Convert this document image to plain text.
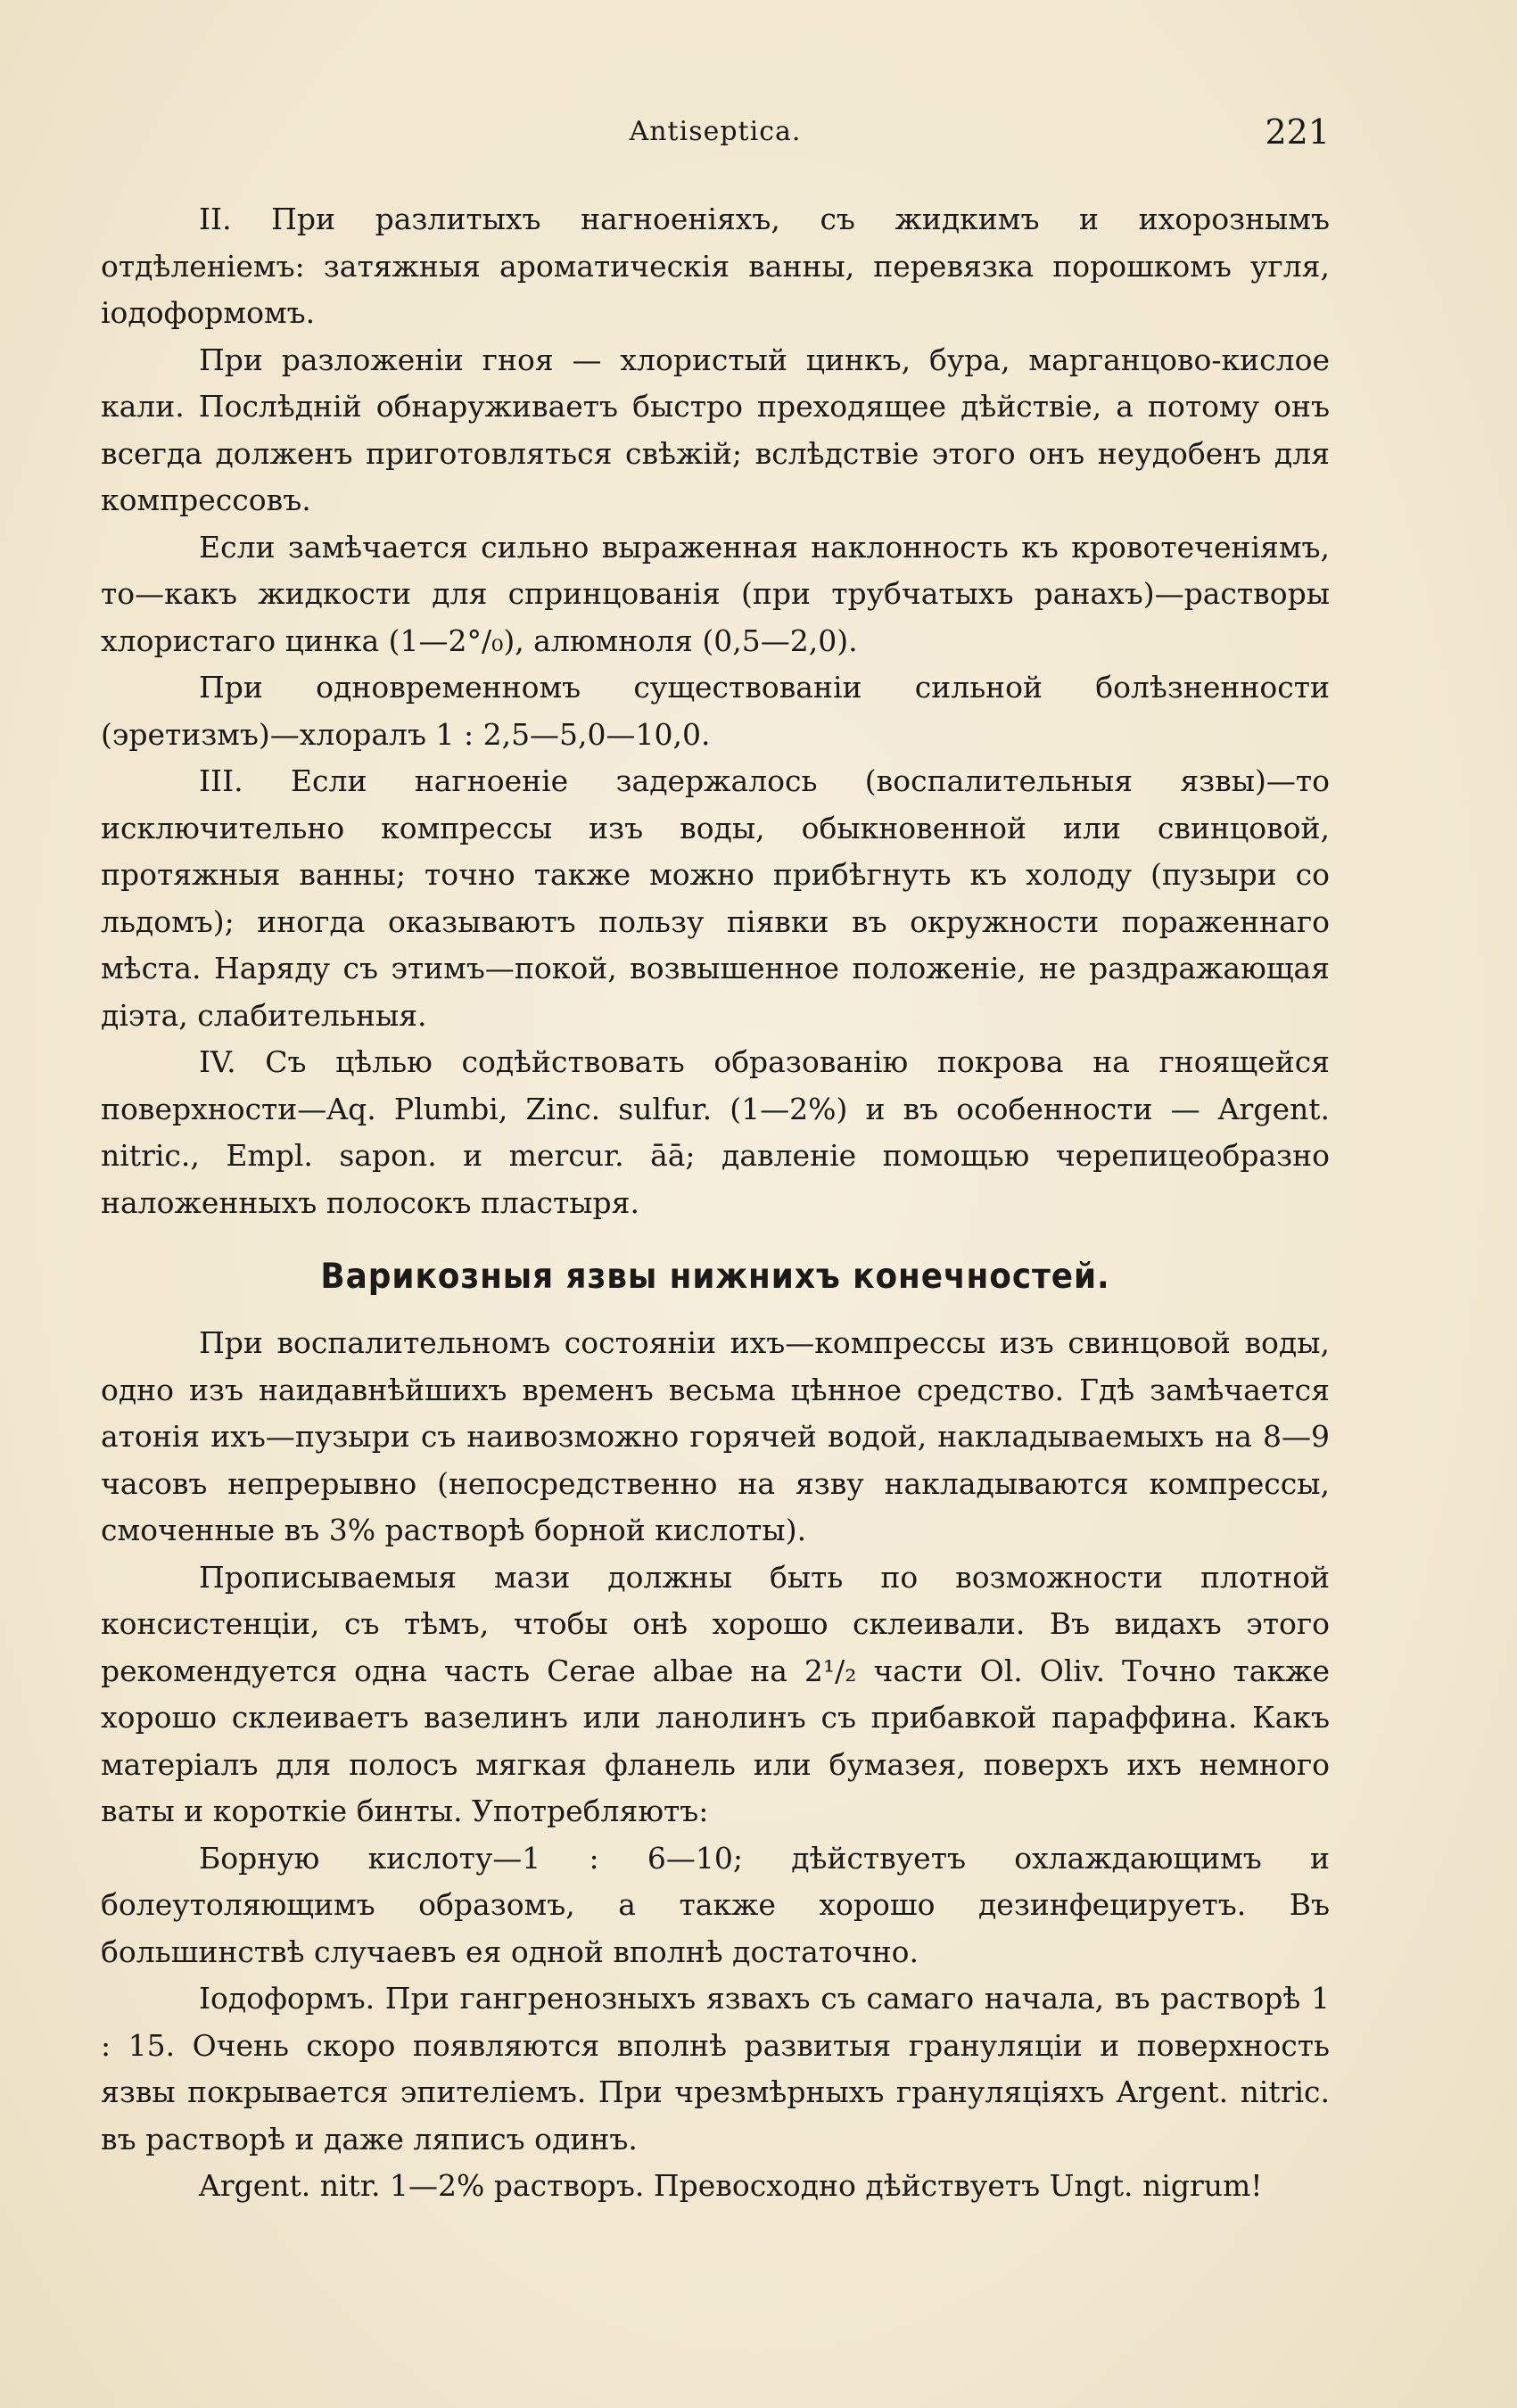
Antiseptica.	221

II. При разлитыхъ нагноеніяхъ, съ жидкимъ и ихорознымъ отдѣленіемъ: затяжныя ароматическія ванны, перевязка порошкомъ угля, іодоформомъ.

При разложеніи гноя — хлористый цинкъ, бура, марганцово-кислое кали. Послѣдній обнаруживаетъ быстро преходящее дѣйствіе, а потому онъ всегда долженъ приготовляться свѣжій; вслѣдствіе этого онъ неудобенъ для компрессовъ.

Если замѣчается сильно выраженная наклонность къ кровотеченіямъ, то—какъ жидкости для спринцованія (при трубчатыхъ ранахъ)—растворы хлористаго цинка (1—2°/₀), алюмноля (0,5—2,0).

При одновременномъ существованіи сильной болѣзненности (эретизмъ)—хлоралъ 1 : 2,5—5,0—10,0.

III. Если нагноеніе задержалось (воспалительныя язвы)—то исключительно компрессы изъ воды, обыкновенной или свинцовой, протяжныя ванны; точно также можно прибѣгнуть къ холоду (пузыри со льдомъ); иногда оказываютъ пользу піявки въ окружности пораженнаго мѣста. Наряду съ этимъ—покой, возвышенное положеніе, не раздражающая діэта, слабительныя.

IV. Съ цѣлью содѣйствовать образованію покрова на гноящейся поверхности—Aq. Plumbi, Zinc. sulfur. (1—2%) и въ особенности — Argent. nitric., Empl. sapon. и mercur. āā; давленіе помощью черепицеобразно наложенныхъ полосокъ пластыря.

Варикозныя язвы нижнихъ конечностей.

При воспалительномъ состояніи ихъ—компрессы изъ свинцовой воды, одно изъ наидавнѣйшихъ временъ весьма цѣнное средство. Гдѣ замѣчается атонія ихъ—пузыри съ наивозможно горячей водой, накладываемыхъ на 8—9 часовъ непрерывно (непосредственно на язву накладываются компрессы, смоченные въ 3% растворѣ борной кислоты).

Прописываемыя мази должны быть по возможности плотной консистенціи, съ тѣмъ, чтобы онѣ хорошо склеивали. Въ видахъ этого рекомендуется одна часть Cerae albae на 2¹/₂ части Ol. Oliv. Точно также хорошо склеиваетъ вазелинъ или ланолинъ съ прибавкой параффина. Какъ матеріалъ для полосъ мягкая фланель или бумазея, поверхъ ихъ немного ваты и короткіе бинты. Употребляютъ:

Борную кислоту—1 : 6—10; дѣйствуетъ охлаждающимъ и болеутоляющимъ образомъ, а также хорошо дезинфецируетъ. Въ большинствѣ случаевъ ея одной вполнѣ достаточно.

Іодоформъ. При гангренозныхъ язвахъ съ самаго начала, въ растворѣ 1 : 15. Очень скоро появляются вполнѣ развитыя грануляціи и поверхность язвы покрывается эпителіемъ. При чрезмѣрныхъ грануляціяхъ Argent. nitric. въ растворѣ и даже ляписъ одинъ.

Argent. nitr. 1—2% растворъ. Превосходно дѣйствуетъ Ungt. nigrum!
